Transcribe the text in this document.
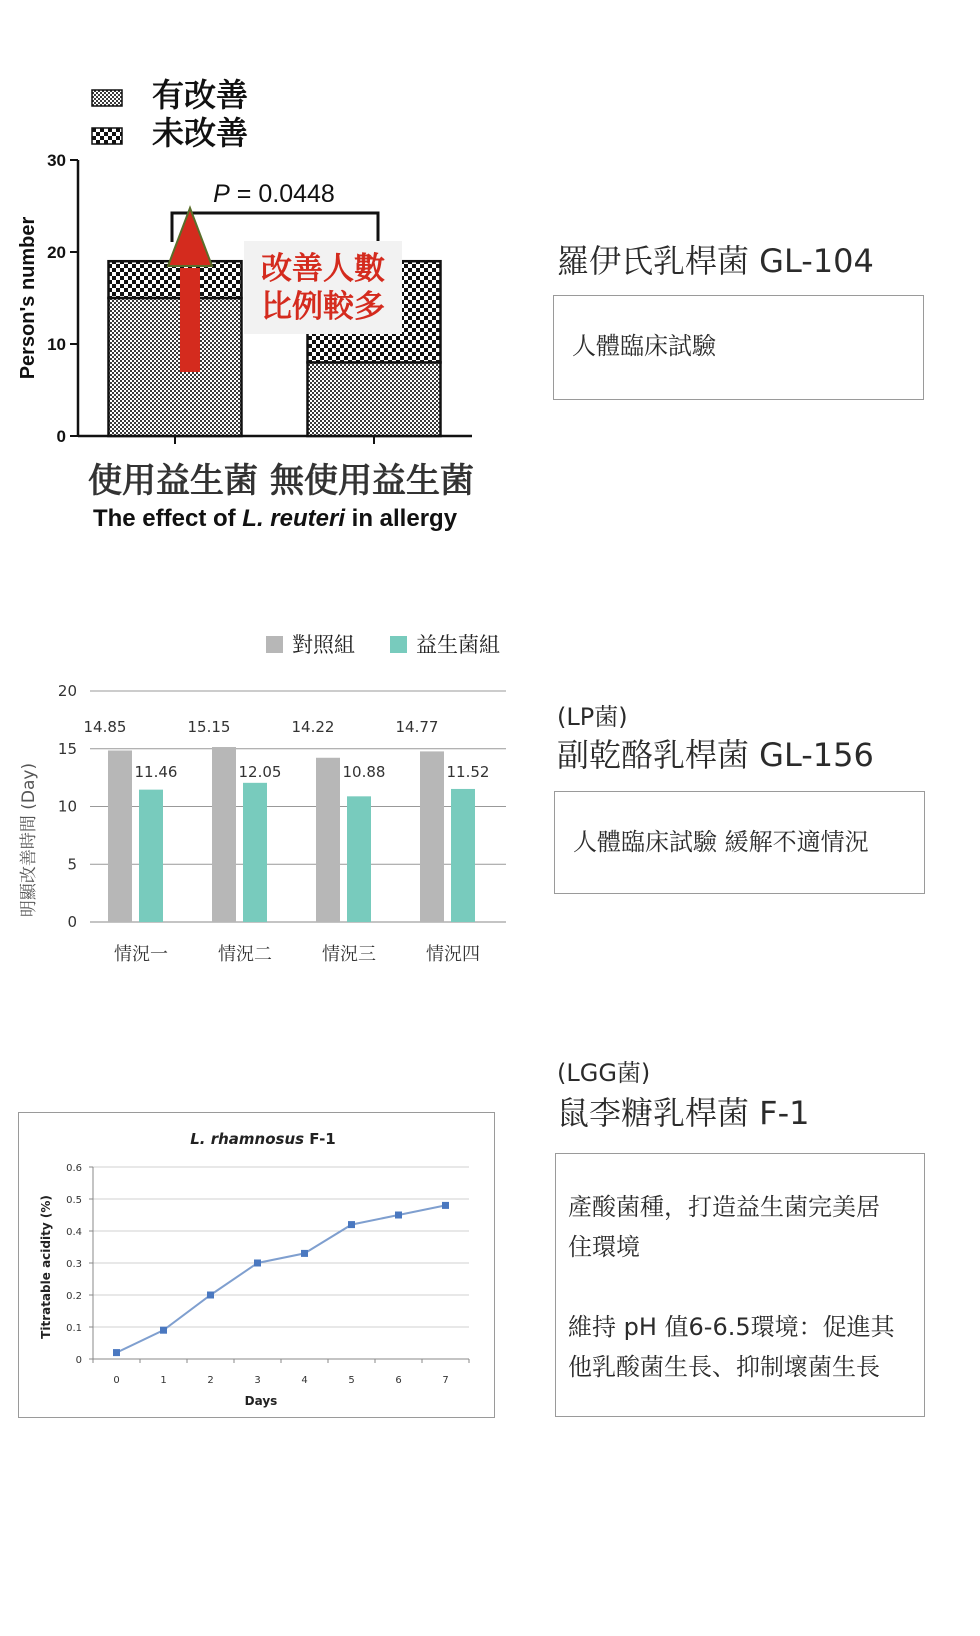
有改善
未改善
0
10
20
30
使用益生菌 無使用益生菌
P = 0.0448
改善人數
比例較多
Person's number
The effect of L. reuteri in allergy
羅伊氏乳桿菌 GL-104
人體臨床試驗
對照組	益生菌組
0
5
10
15
20
14.85
11.46
情況一
15.15
12.05
情況二
14.22
10.88
情況三
14.77
11.52
情況四
明顯改善時間 (Day)
(LP菌)
副乾酪乳桿菌 GL-156
人體臨床試驗 緩解不適情況
L. rhamnosus F-1
0
0.1
0.2
0.3
0.4
0.5
0.6
0	1	2	3	4	5	6	7
Days
Titratable acidity (%)
(LGG菌)
鼠李糖乳桿菌 F-1
產酸菌種，打造益生菌完美居
住環境
維持 pH 值6-6.5環境：促進其
他乳酸菌生長、抑制壞菌生長
